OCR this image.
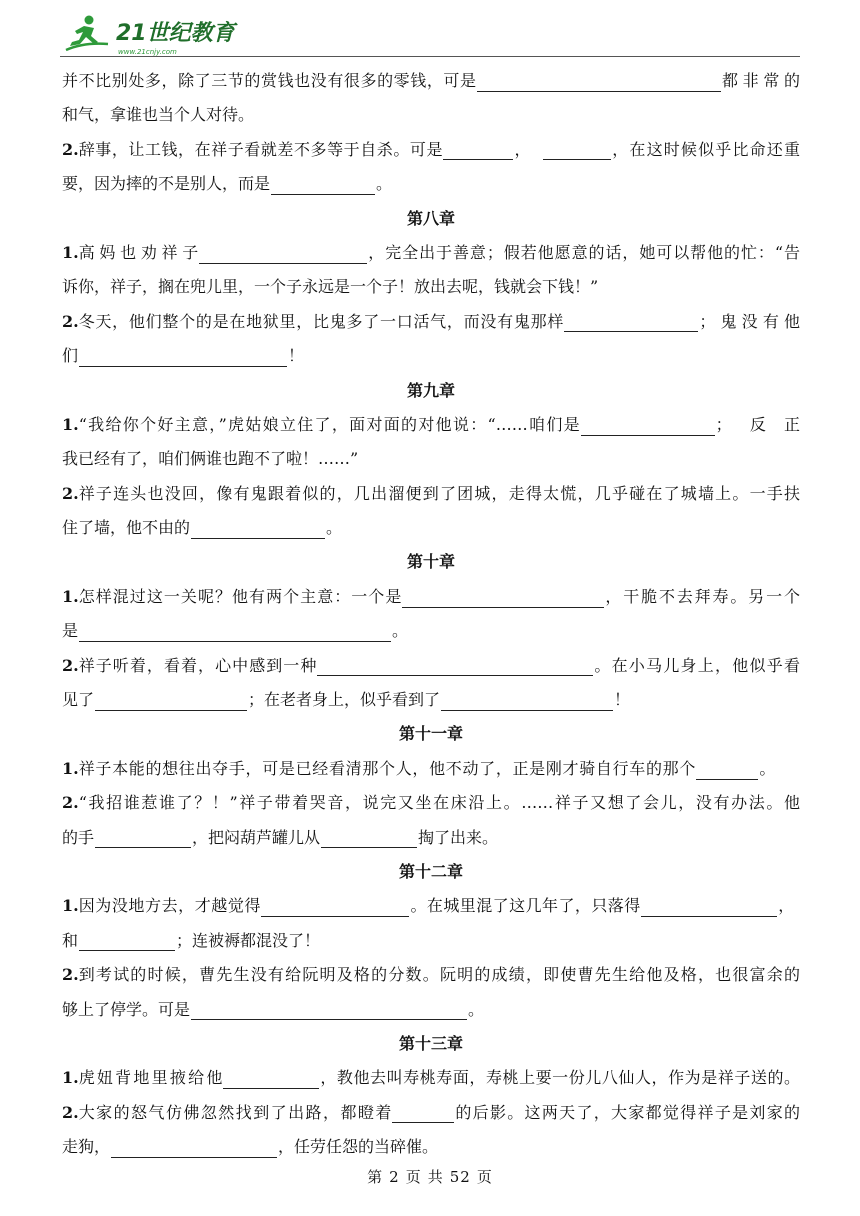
21世纪教育
www.21cnjy.com
并不比别处多，除了三节的赏钱也没有很多的零钱，可是	都非常的
和气，拿谁也当个人对待。
2. 辞事，让工钱，在祥子看就差不多等于自杀。可是	，	，在这时候似乎比命还重
要，因为摔的不是别人，而是	。
第八章
1. 高妈也劝祥子	，完全出于善意；假若他愿意的话，她可以帮他的忙：“告
诉你，祥子，搁在兜儿里，一个子永远是一个子！放出去呢，钱就会下钱！”
2. 冬天，他们整个的是在地狱里，比鬼多了一口活气，而没有鬼那样	；鬼没有他
们	！
第九章
1. “我给你个好主意，”虎姑娘立住了，面对面的对他说：“……咱们是	；反正
我已经有了，咱们俩谁也跑不了啦！……”
2. 祥子连头也没回，像有鬼跟着似的，几出溜便到了团城，走得太慌，几乎碰在了城墙上。一手扶
住了墙，他不由的	。
第十章
1. 怎样混过这一关呢？他有两个主意：一个是	，干脆不去拜寿。另一个
是	。
2. 祥子听着，看着，心中感到一种	。在小马儿身上，他似乎看
见了	；在老者身上，似乎看到了	！
第十一章
1. 祥子本能的想往出夺手，可是已经看清那个人，他不动了，正是刚才骑自行车的那个	。
2. “我招谁惹谁了？！”祥子带着哭音，说完又坐在床沿上。……祥子又想了会儿，没有办法。他
的手	，把闷葫芦罐儿从	掏了出来。
第十二章
1. 因为没地方去，才越觉得	。在城里混了这几年了，只落得	，
和	；连被褥都混没了！
2. 到考试的时候，曹先生没有给阮明及格的分数。阮明的成绩，即使曹先生给他及格，也很富余的
够上了停学。可是	。
第十三章
1. 虎妞背地里掖给他	，教他去叫寿桃寿面，寿桃上要一份儿八仙人，作为是祥子送的。
2. 大家的怒气仿佛忽然找到了出路，都瞪着	的后影。这两天了，大家都觉得祥子是刘家的
走狗，	，任劳任怨的当碎催。
第 2 页 共 52 页
